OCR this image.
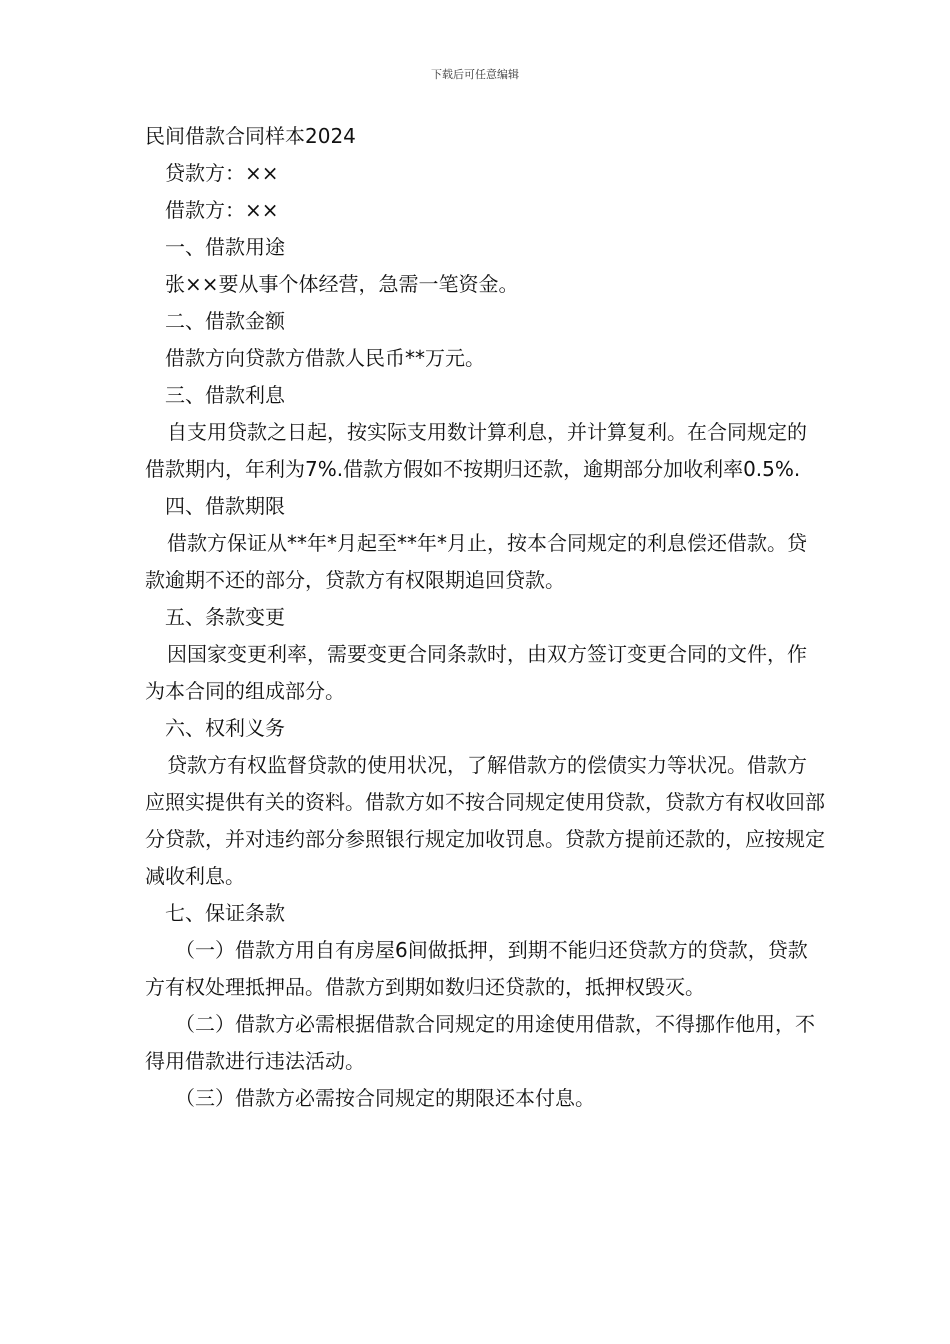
下载后可任意编辑

民间借款合同样本2024

贷款方：××

借款方：××

一、借款用途

张××要从事个体经营，急需一笔资金。

二、借款金额

借款方向贷款方借款人民币**万元。

三、借款利息

自支用贷款之日起，按实际支用数计算利息，并计算复利。在合同规定的借款期内，年利为7%.借款方假如不按期归还款，逾期部分加收利率0.5%.

四、借款期限

借款方保证从**年*月起至**年*月止，按本合同规定的利息偿还借款。贷款逾期不还的部分，贷款方有权限期追回贷款。

五、条款变更

因国家变更利率，需要变更合同条款时，由双方签订变更合同的文件，作为本合同的组成部分。

六、权利义务

贷款方有权监督贷款的使用状况，了解借款方的偿债实力等状况。借款方应照实提供有关的资料。借款方如不按合同规定使用贷款，贷款方有权收回部分贷款，并对违约部分参照银行规定加收罚息。贷款方提前还款的，应按规定减收利息。

七、保证条款

（一）借款方用自有房屋6间做抵押，到期不能归还贷款方的贷款，贷款方有权处理抵押品。借款方到期如数归还贷款的，抵押权毁灭。

（二）借款方必需根据借款合同规定的用途使用借款，不得挪作他用，不得用借款进行违法活动。

（三）借款方必需按合同规定的期限还本付息。
